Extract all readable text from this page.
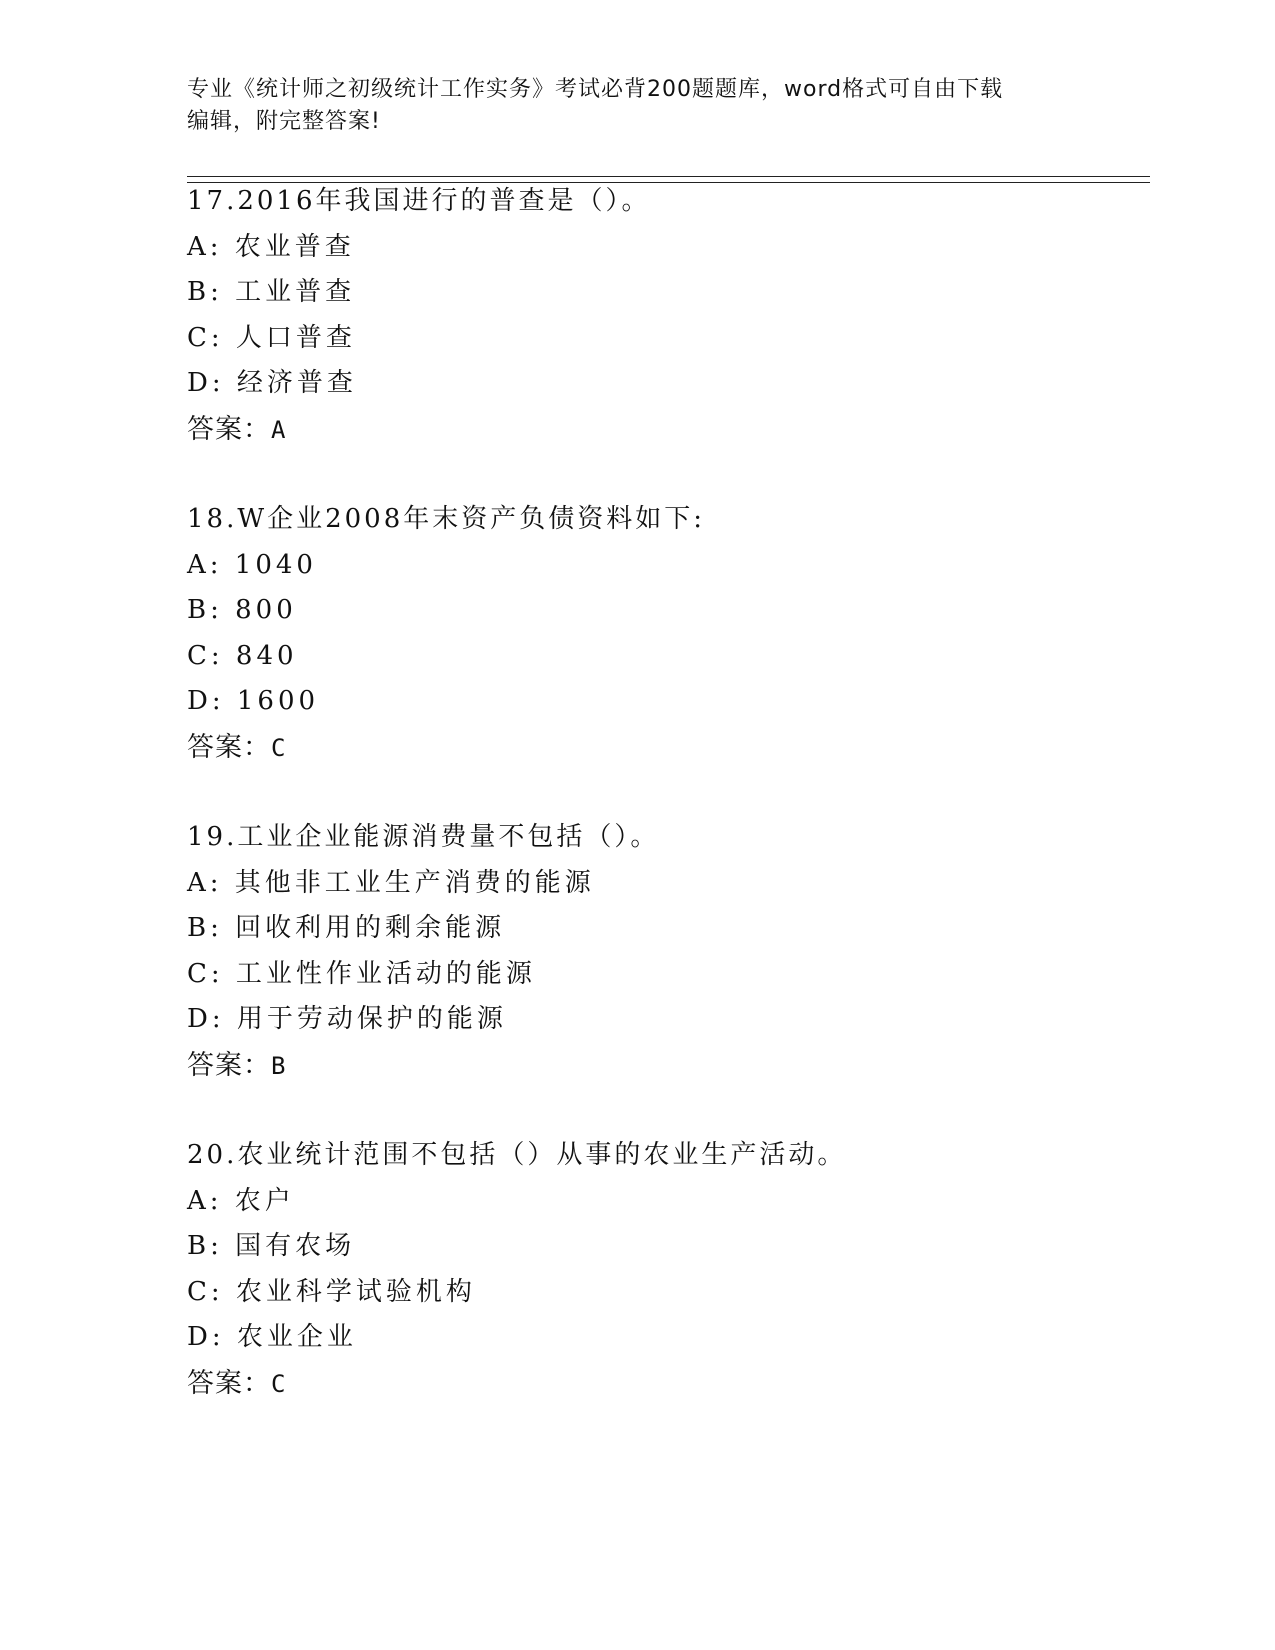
专业《统计师之初级统计工作实务》考试必背200题题库，word格式可自由下载
编辑，附完整答案!
17.2016年我国进行的普查是（）。
A: 农业普查
B: 工业普查
C: 人口普查
D: 经济普查
答案：A
18.W企业2008年末资产负债资料如下:
A: 1040
B: 800
C: 840
D: 1600
答案：C
19.工业企业能源消费量不包括（）。
A: 其他非工业生产消费的能源
B: 回收利用的剩余能源
C: 工业性作业活动的能源
D: 用于劳动保护的能源
答案：B
20.农业统计范围不包括（）从事的农业生产活动。
A: 农户
B: 国有农场
C: 农业科学试验机构
D: 农业企业
答案：C
